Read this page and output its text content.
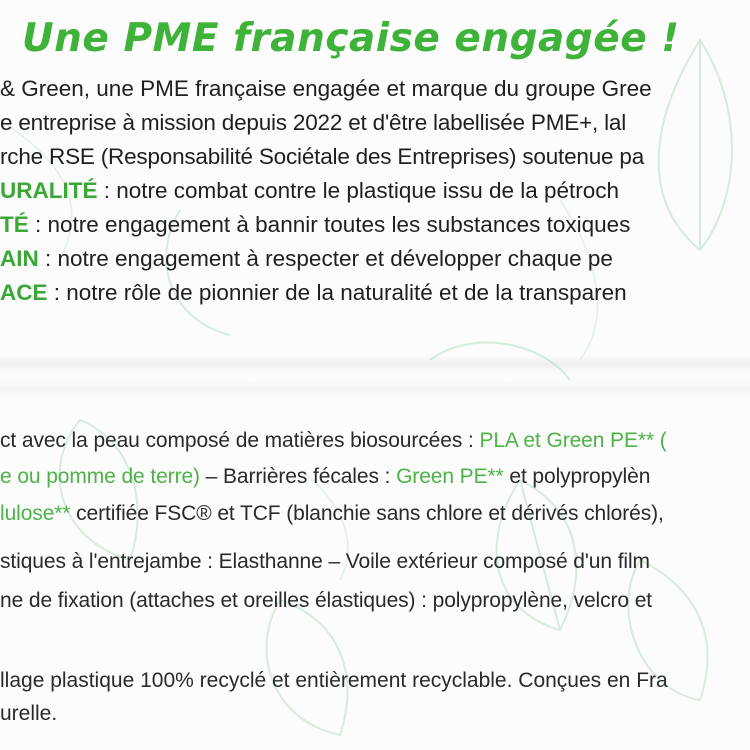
Une PME française engagée !
& Green, une PME française engagée et marque du groupe Gree
e entreprise à mission depuis 2022 et d'être labellisée PME+, lal
rche RSE (Responsabilité Sociétale des Entreprises) soutenue pa
URALITÉ : notre combat contre le plastique issu de la pétroch
TÉ : notre engagement à bannir toutes les substances toxiques
AIN : notre engagement à respecter et développer chaque pe
ACE : notre rôle de pionnier de la naturalité et de la transparen
ct avec la peau composé de matières biosourcées : PLA et Green PE** (
e ou pomme de terre) – Barrières fécales : Green PE** et polypropylèn
lulose** certifiée FSC® et TCF (blanchie sans chlore et dérivés chlorés),
stiques à l'entrejambe : Elasthanne – Voile extérieur composé d'un film
ne de fixation (attaches et oreilles élastiques) : polypropylène, velcro et
llage plastique 100% recyclé et entièrement recyclable. Conçues en Fra
urelle.
